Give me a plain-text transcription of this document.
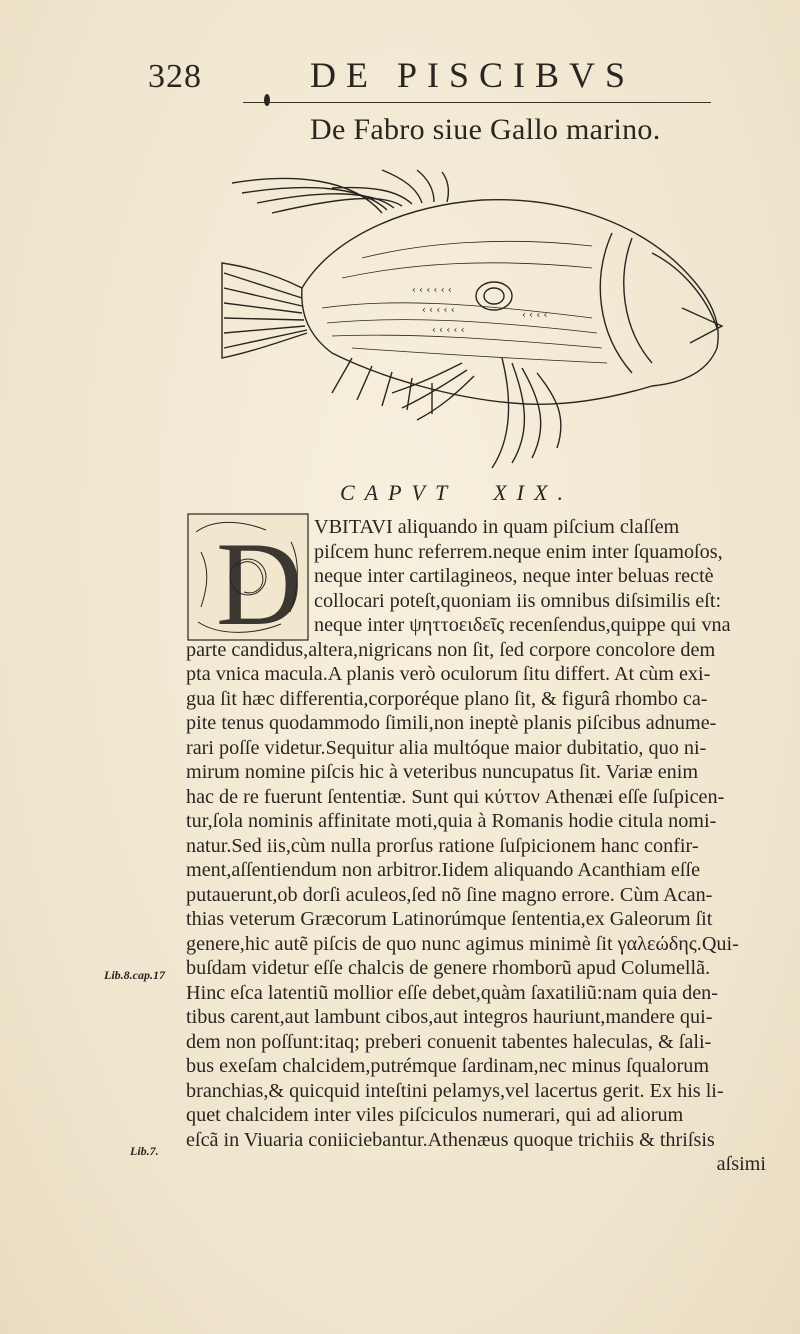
328	DE PISCIBVS
De Fabro siue Gallo marino.
‹ ‹ ‹ ‹ ‹ ‹
‹ ‹ ‹ ‹ ‹
‹ ‹ ‹ ‹ ‹
‹ ‹ ‹ ‹
CAPVT XIX.
D VBITAVI aliquando in quam piſcium claſſem
piſcem hunc referrem.neque enim inter ſquamoſos,
neque inter cartilagineos, neque inter beluas rectè
collocari poteſt,quoniam iis omnibus diſsimilis eſt:
neque inter ψηττοειδεῖς recenſendus,quippe qui vna
parte candidus,altera,nigricans non ſit, ſed corpore concolore dem
pta vnica macula.A planis verò oculorum ſitu differt. At cùm exi-
gua ſit hæc differentia,corporéque plano ſit, & figurâ rhombo ca-
pite tenus quodammodo ſimili,non ineptè planis piſcibus adnume-
rari poſſe videtur.Sequitur alia multóque maior dubitatio, quo ni-
mirum nomine piſcis hic à veteribus nuncupatus ſit. Variæ enim
hac de re fuerunt ſententiæ. Sunt qui κύττον Athenæi eſſe ſuſpicen-
tur,ſola nominis affinitate moti,quia à Romanis hodie citula nomi-
natur.Sed iis,cùm nulla prorſus ratione ſuſpicionem hanc confir-
ment,aſſentiendum non arbitror.Iidem aliquando Acanthiam eſſe
putauerunt,ob dorſi aculeos,ſed nõ ſine magno errore. Cùm Acan-
thias veterum Græcorum Latinorúmque ſententia,ex Galeorum ſit
genere,hic autẽ piſcis de quo nunc agimus minimè ſit γαλεώδης.Qui-
buſdam videtur eſſe chalcis de genere rhomborũ apud Columellã.
Hinc eſca latentiũ mollior eſſe debet,quàm ſaxatiliũ:nam quia den-
tibus carent,aut lambunt cibos,aut integros hauriunt,mandere qui-
dem non poſſunt:itaq; preberi conuenit tabentes haleculas, & ſali-
bus exeſam chalcidem,putrémque ſardinam,nec minus ſqualorum
branchias,& quicquid inteſtini pelamys,vel lacertus gerit. Ex his li-
quet chalcidem inter viles piſciculos numerari, qui ad aliorum
eſcã in Viuaria coniiciebantur.Athenæus quoque trichiis & thriſsis
aſsimi
Lib.8.cap.17
Lib.7.
